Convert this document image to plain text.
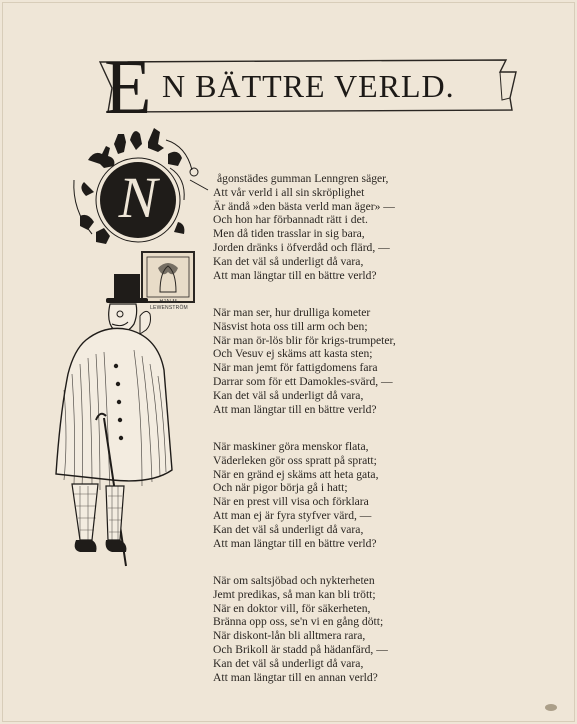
E N BÄTTRE VERLD.
N
HJALM. LEWENSTRÖM
ågonstädes gumman Lenngren säger,
Att vår verld i all sin skröplighet
Är ändå »den bästa verld man äger» —
Och hon har förbannadt rätt i det.
Men då tiden trasslar in sig bara,
Jorden dränks i öfverdåd och flärd, —
Kan det väl så underligt då vara,
Att man längtar till en bättre verld?
När man ser, hur drulliga kometer
Näsvist hota oss till arm och ben;
När man ör-lös blir för krigs-trumpeter,
Och Vesuv ej skäms att kasta sten;
När man jemt för fattigdomens fara
Darrar som för ett Damokles-svärd, —
Kan det väl så underligt då vara,
Att man längtar till en bättre verld?
När maskiner göra menskor flata,
Väderleken gör oss spratt på spratt;
När en gränd ej skäms att heta gata,
Och när pigor börja gå i hatt;
När en prest vill visa och förklara
Att man ej är fyra styfver värd, —
Kan det väl så underligt då vara,
Att man längtar till en bättre verld?
När om saltsjöbad och nykterheten
Jemt predikas, så man kan bli trött;
När en doktor vill, för säkerheten,
Bränna opp oss, se'n vi en gång dött;
När diskont-lån bli alltmera rara,
Och Brikoll är stadd på hädanfärd, —
Kan det väl så underligt då vara,
Att man längtar till en annan verld?
